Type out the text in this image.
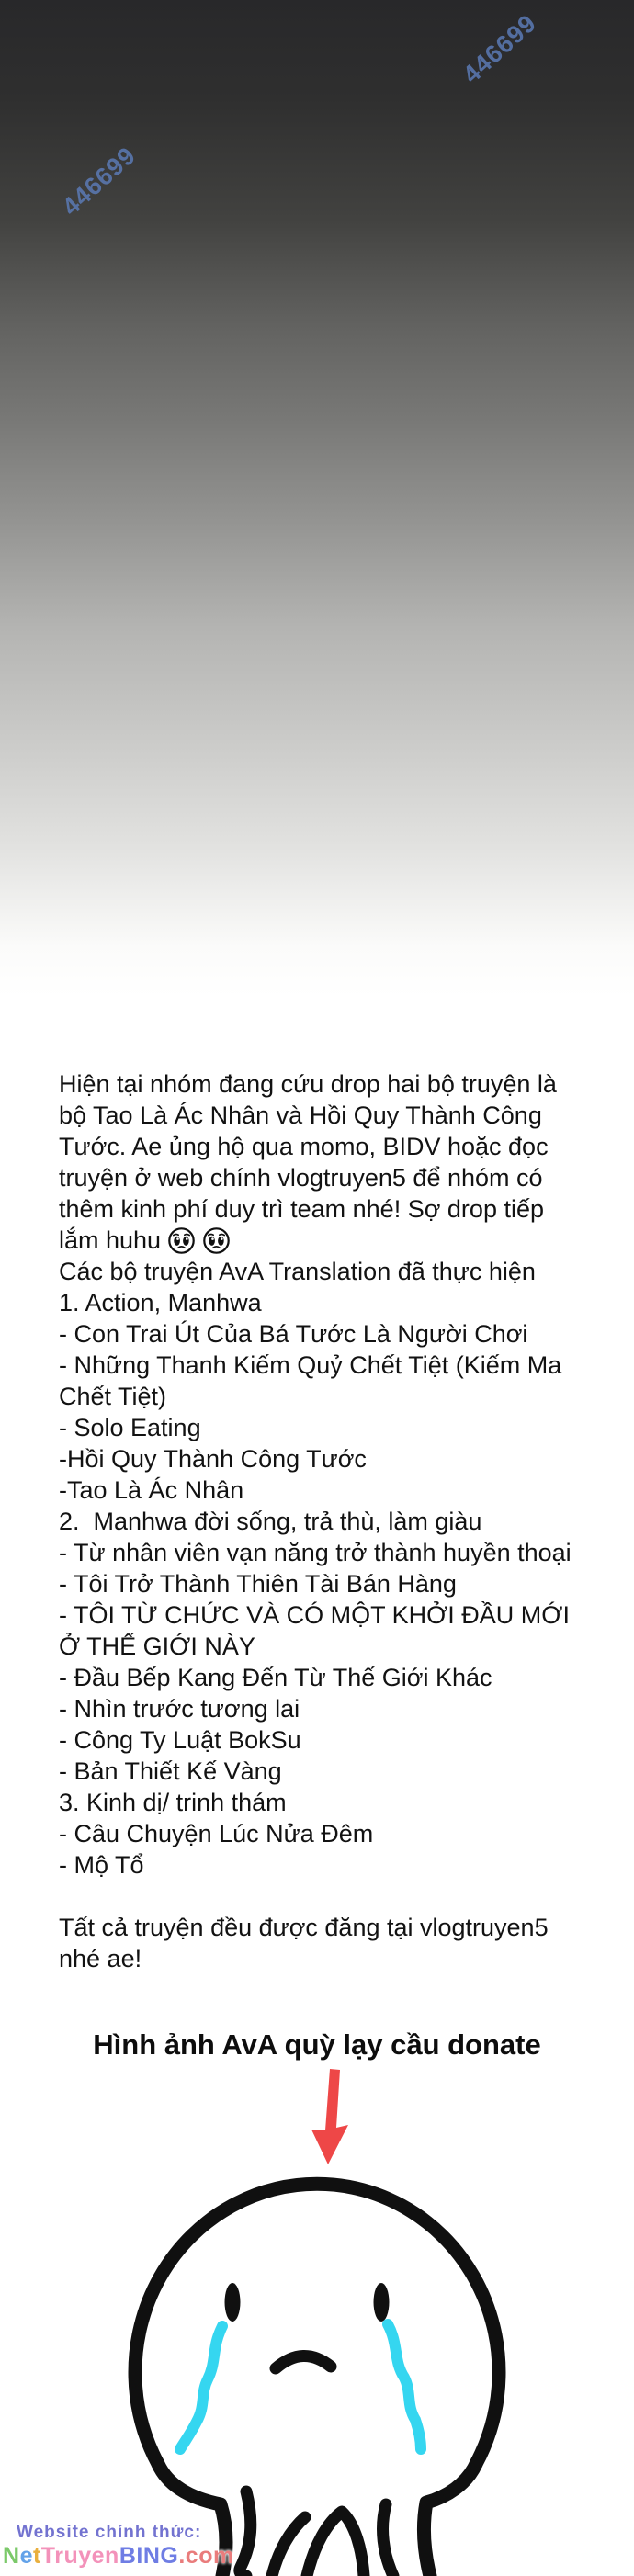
446699
446699
Hiện tại nhóm đang cứu drop hai bộ truyện là
bộ Tao Là Ác Nhân và Hồi Quy Thành Công
Tước. Ae ủng hộ qua momo, BIDV hoặc đọc
truyện ở web chính vlogtruyen5 để nhóm có
thêm kinh phí duy trì team nhé! Sợ drop tiếp
lắm huhu
Các bộ truyện AvA Translation đã thực hiện
1. Action, Manhwa
- Con Trai Út Của Bá Tước Là Người Chơi
- Những Thanh Kiếm Quỷ Chết Tiệt (Kiếm Ma
Chết Tiệt)
- Solo Eating
-Hồi Quy Thành Công Tước
-Tao Là Ác Nhân
2.  Manhwa đời sống, trả thù, làm giàu
- Từ nhân viên vạn năng trở thành huyền thoại
- Tôi Trở Thành Thiên Tài Bán Hàng
- TÔI TỪ CHỨC VÀ CÓ MỘT KHỞI ĐẦU MỚI
Ở THẾ GIỚI NÀY
- Đầu Bếp Kang Đến Từ Thế Giới Khác
- Nhìn trước tương lai
- Công Ty Luật BokSu
- Bản Thiết Kế Vàng
3. Kinh dị/ trinh thám
- Câu Chuyện Lúc Nửa Đêm
- Mộ Tổ
Tất cả truyện đều được đăng tại vlogtruyen5
nhé ae!
Hình ảnh AvA quỳ lạy cầu donate
Website chính thức:
NetTruyenBING.com
